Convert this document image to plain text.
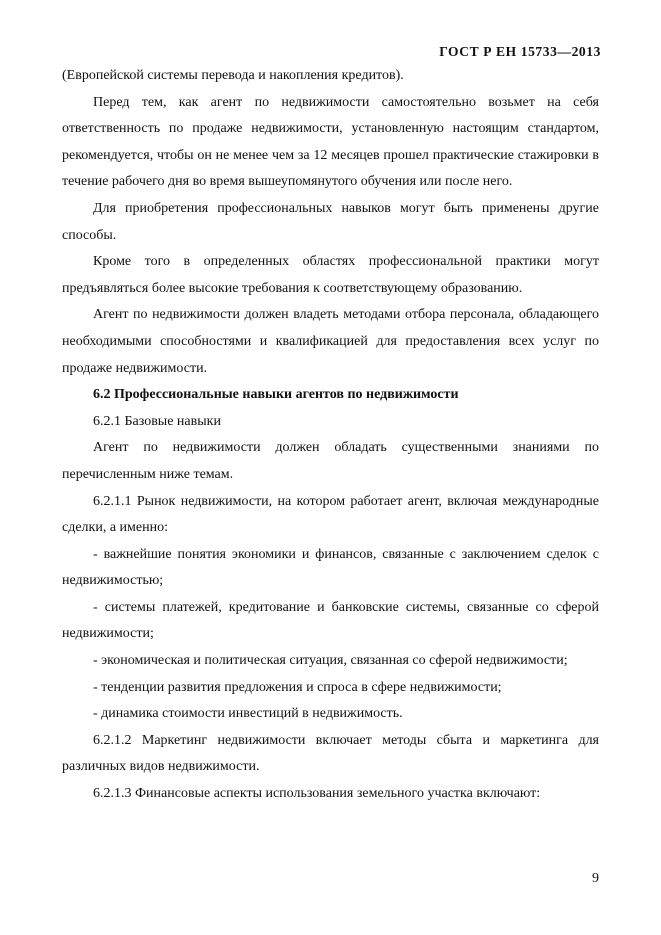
ГОСТ Р ЕН 15733—2013

(Европейской системы перевода и накопления кредитов).

Перед тем, как агент по недвижимости самостоятельно возьмет на себя ответственность по продаже недвижимости, установленную настоящим стандартом, рекомендуется, чтобы он не менее чем за 12 месяцев прошел практические стажировки в течение рабочего дня во время вышеупомянутого обучения или после него.

Для приобретения профессиональных навыков могут быть применены другие способы.

Кроме того в определенных областях профессиональной практики могут предъявляться более высокие требования к соответствующему образованию.

Агент по недвижимости должен владеть методами отбора персонала, обладающего необходимыми способностями и квалификацией для предоставления всех услуг по продаже недвижимости.

6.2 Профессиональные навыки агентов по недвижимости

6.2.1 Базовые навыки

Агент по недвижимости должен обладать существенными знаниями по перечисленным ниже темам.

6.2.1.1 Рынок недвижимости, на котором работает агент, включая международные сделки, а именно:

- важнейшие понятия экономики и финансов, связанные с заключением сделок с недвижимостью;

- системы платежей, кредитование и банковские системы, связанные со сферой недвижимости;

- экономическая и политическая ситуация, связанная со сферой недвижимости;

- тенденции развития предложения и спроса в сфере недвижимости;

- динамика стоимости инвестиций в недвижимость.

6.2.1.2 Маркетинг недвижимости включает методы сбыта и маркетинга для различных видов недвижимости.

6.2.1.3 Финансовые аспекты использования земельного участка включают:

9
